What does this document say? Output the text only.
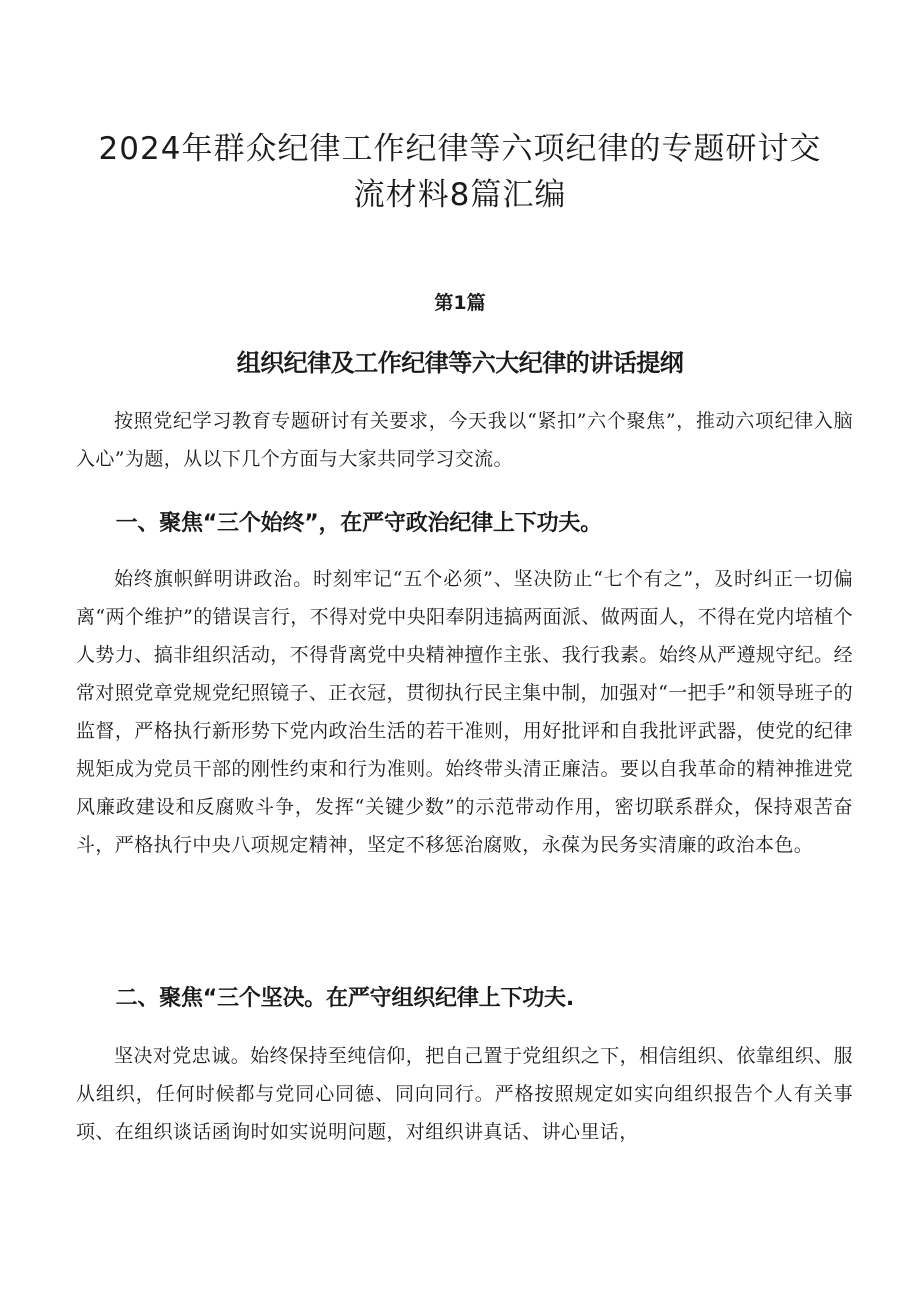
2024年群众纪律工作纪律等六项纪律的专题研讨交
流材料8篇汇编
第1篇
组织纪律及工作纪律等六大纪律的讲话提纲

按照党纪学习教育专题研讨有关要求，今天我以“紧扣”六个聚焦”，推动六项纪律入脑入心”为题，从以下几个方面与大家共同学习交流。

一、聚焦“三个始终”，在严守政治纪律上下功夫。

始终旗帜鲜明讲政治。时刻牢记“五个必须”、坚决防止“七个有之”，及时纠正一切偏离“两个维护”的错误言行，不得对党中央阳奉阴违搞两面派、做两面人，不得在党内培植个人势力、搞非组织活动，不得背离党中央精神擅作主张、我行我素。始终从严遵规守纪。经常对照党章党规党纪照镜子、正衣冠，贯彻执行民主集中制，加强对“一把手”和领导班子的监督，严格执行新形势下党内政治生活的若干准则，用好批评和自我批评武器，使党的纪律规矩成为党员干部的刚性约束和行为准则。始终带头清正廉洁。要以自我革命的精神推进党风廉政建设和反腐败斗争，发挥“关键少数”的示范带动作用，密切联系群众，保持艰苦奋斗，严格执行中央八项规定精神，坚定不移惩治腐败，永葆为民务实清廉的政治本色。

二、聚焦“三个坚决。在严守组织纪律上下功夫.

坚决对党忠诚。始终保持至纯信仰，把自己置于党组织之下，相信组织、依靠组织、服从组织，任何时候都与党同心同德、同向同行。严格按照规定如实向组织报告个人有关事项、在组织谈话函询时如实说明问题，对组织讲真话、讲心里话，
